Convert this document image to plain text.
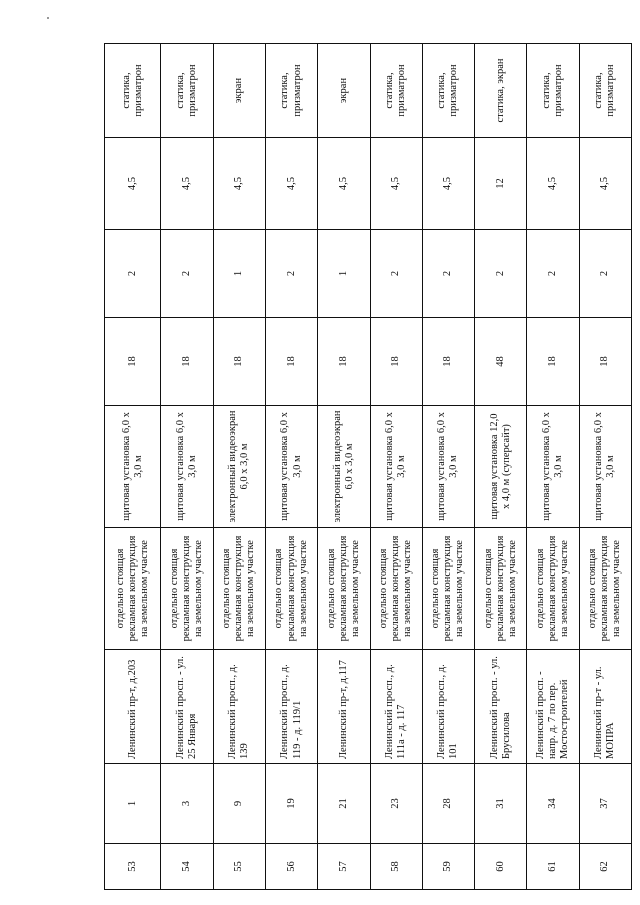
53	1	Ленинский пр-т, д.203	отдельно стоящая рекламная конструкция на земельном участке	щитовая установка 6,0 х 3,0 м	18	2	4,5	статика, призматрон
54	3	Ленинский просп. - ул. 25 Января	отдельно стоящая рекламная конструкция на земельном участке	щитовая установка 6,0 х 3,0 м	18	2	4,5	статика, призматрон
55	9	Ленинский просп., д. 139	отдельно стоящая рекламная конструкция на земельном участке	электронный видеоэкран 6,0 х 3,0 м	18	1	4,5	экран
56	19	Ленинский просп., д. 119 - д. 119/1	отдельно стоящая рекламная конструкция на земельном участке	щитовая установка 6,0 х 3,0 м	18	2	4,5	статика, призматрон
57	21	Ленинский пр-т, д.117	отдельно стоящая рекламная конструкция на земельном участке	электронный видеоэкран 6,0 х 3,0 м	18	1	4,5	экран
58	23	Ленинский просп., д. 111а - д. 117	отдельно стоящая рекламная конструкция на земельном участке	щитовая установка 6,0 х 3,0 м	18	2	4,5	статика, призматрон
59	28	Ленинский просп., д. 101	отдельно стоящая рекламная конструкция на земельном участке	щитовая установка 6,0 х 3,0 м	18	2	4,5	статика, призматрон
60	31	Ленинский просп. - ул. Брусилова	отдельно стоящая рекламная конструкция на земельном участке	щитовая установка 12,0 х 4,0 м (суперсайт)	48	2	12	статика, экран
61	34	Ленинский просп. - напр. д. 7 по пер. Мостостроителей	отдельно стоящая рекламная конструкция на земельном участке	щитовая установка 6,0 х 3,0 м	18	2	4,5	статика, призматрон
62	37	Ленинский пр-т - ул. МОПРА	отдельно стоящая рекламная конструкция на земельном участке	щитовая установка 6,0 х 3,0 м	18	2	4,5	статика, призматрон
